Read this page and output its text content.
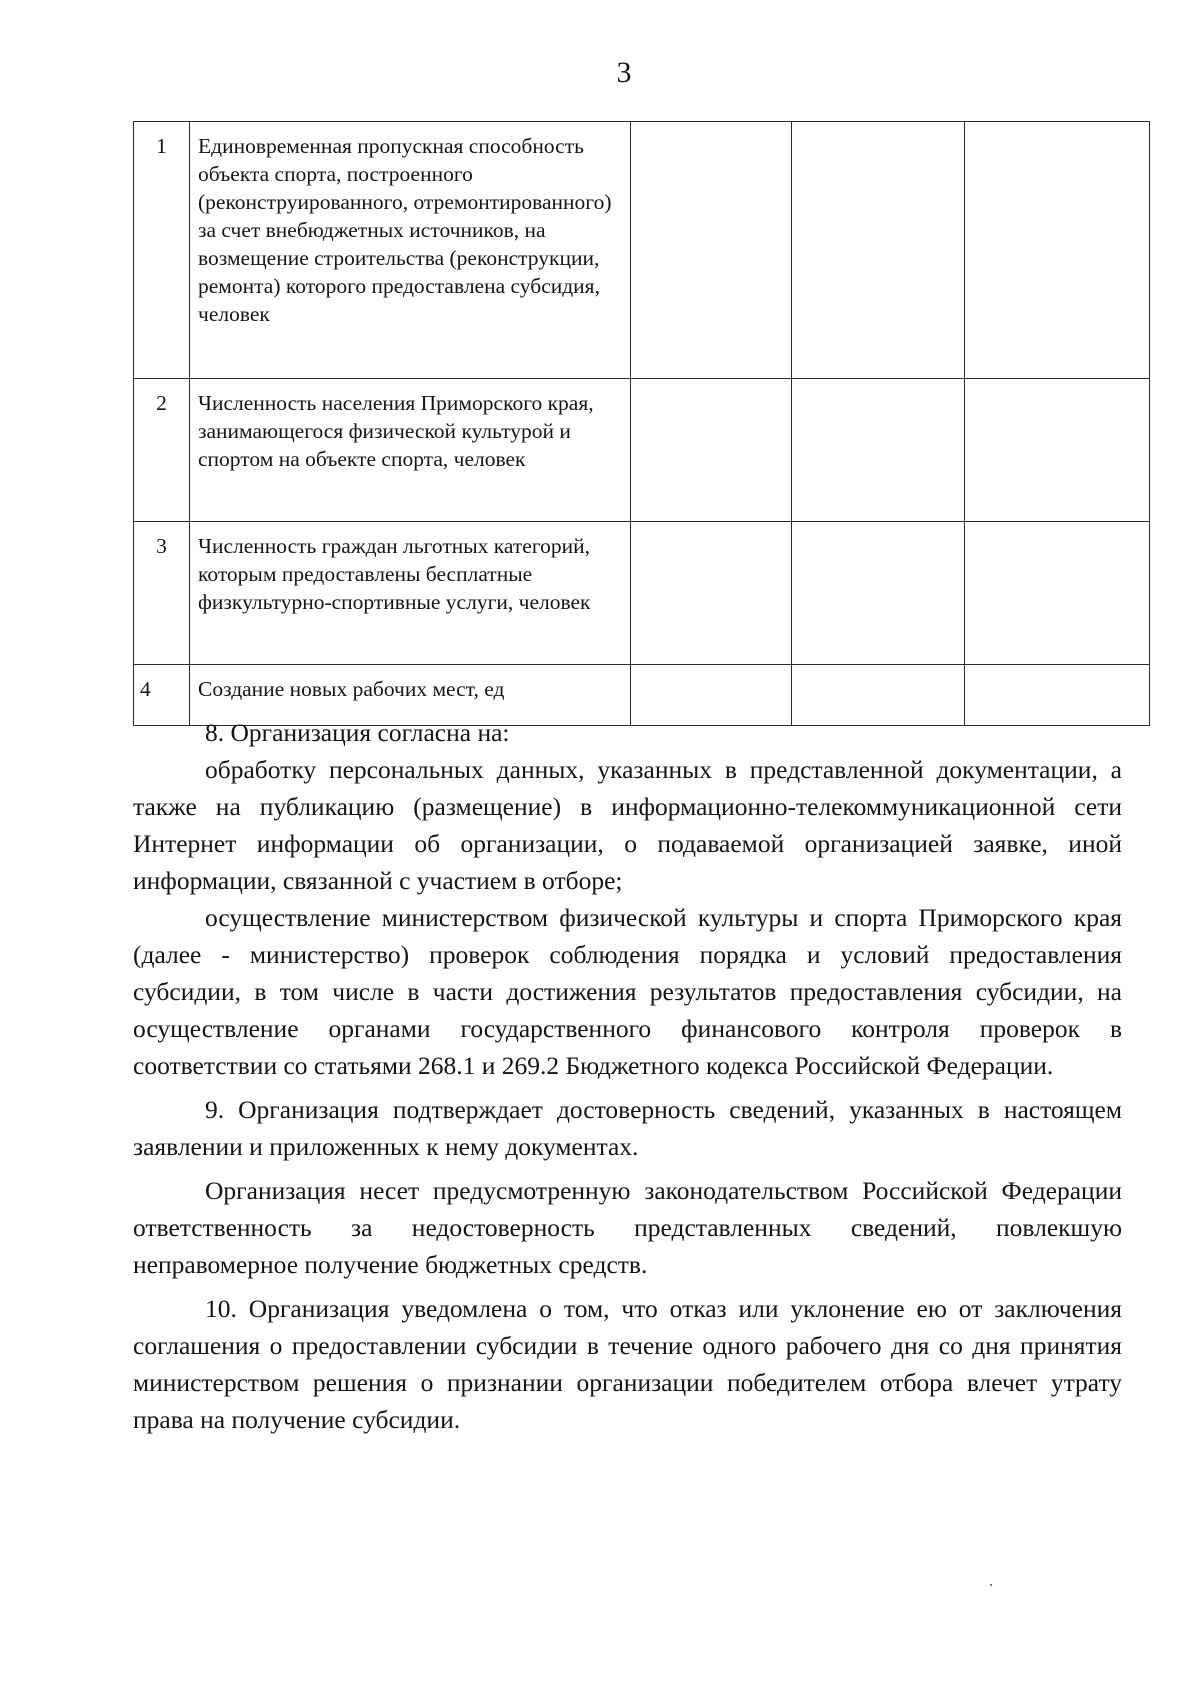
3
1	Единовременная пропускная способность объекта спорта, построенного (реконструированного, отремонтированного) за счет внебюджетных источников, на возмещение строительства (реконструкции, ремонта) которого предоставлена субсидия, человек			
2	Численность населения Приморского края, занимающегося физической культурой и спортом на объекте спорта, человек			
3	Численность граждан льготных категорий, которым предоставлены бесплатные физкультурно-спортивные услуги, человек			
4	Создание новых рабочих мест, ед			

8. Организация согласна на:

обработку персональных данных, указанных в представленной документации, а также на публикацию (размещение) в информационно-телекоммуникационной сети Интернет информации об организации, о подаваемой организацией заявке, иной информации, связанной с участием в отборе;

осуществление министерством физической культуры и спорта Приморского края (далее - министерство) проверок соблюдения порядка и условий предоставления субсидии, в том числе в части достижения результатов предоставления субсидии, на осуществление органами государственного финансового контроля проверок в соответствии со статьями 268.1 и 269.2 Бюджетного кодекса Российской Федерации.

9. Организация подтверждает достоверность сведений, указанных в настоящем заявлении и приложенных к нему документах.

Организация несет предусмотренную законодательством Российской Федерации ответственность за недостоверность представленных сведений, повлекшую неправомерное получение бюджетных средств.

10. Организация уведомлена о том, что отказ или уклонение ею от заключения соглашения о предоставлении субсидии в течение одного рабочего дня со дня принятия министерством решения о признании организации победителем отбора влечет утрату права на получение субсидии.
